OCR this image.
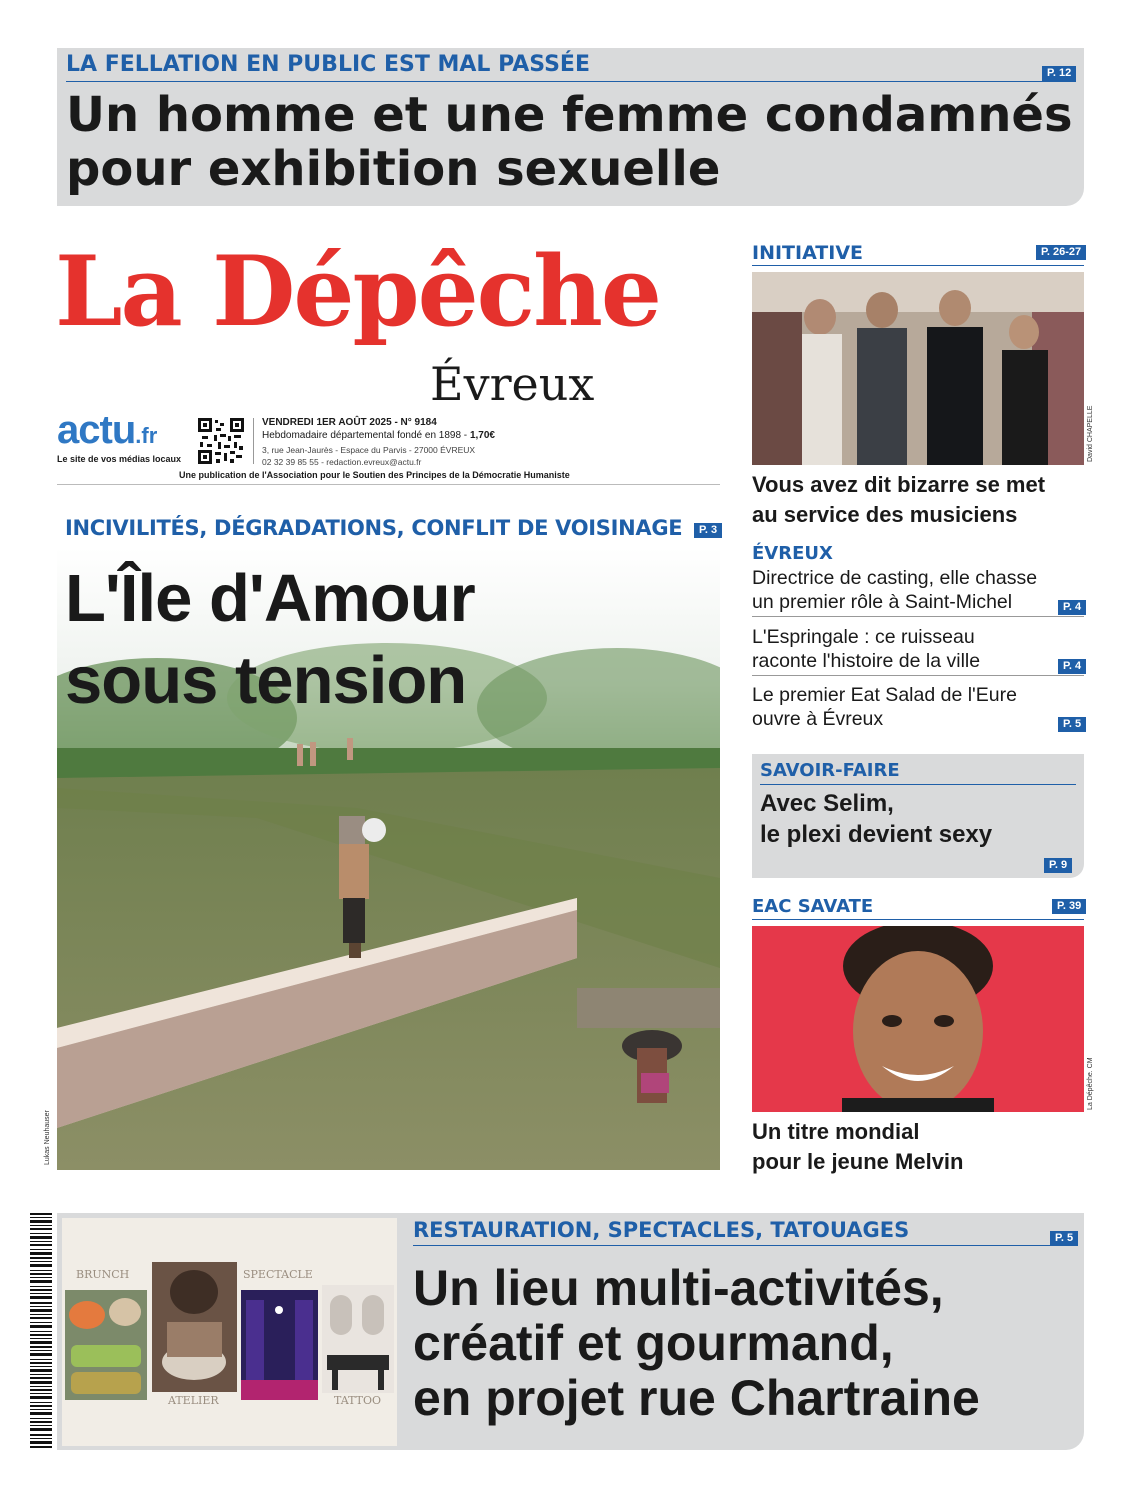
LA FELLATION EN PUBLIC EST MAL PASSÉE	P. 12
Un homme et une femme condamnés
pour exhibition sexuelle
La Dépêche
Évreux
actu.fr
Le site de vos médias locaux
VENDREDI 1ER AOÛT 2025 - N° 9184
Hebdomadaire départemental fondé en 1898 - 1,70€
3, rue Jean-Jaurès - Espace du Parvis - 27000 ÉVREUX
02 32 39 85 55 - redaction.evreux@actu.fr
Une publication de l'Association pour le Soutien des Principes de la Démocratie Humaniste
INCIVILITÉS, DÉGRADATIONS, CONFLIT DE VOISINAGE	P. 3
L'Île d'Amour
sous tension
Lukas Neuhauser
INITIATIVE	P. 26-27
David CHAPELLE
Vous avez dit bizarre se met
au service des musiciens
ÉVREUX
Directrice de casting, elle chasse
un premier rôle à Saint-Michel	P. 4
L'Espringale : ce ruisseau
raconte l'histoire de la ville	P. 4
Le premier Eat Salad de l'Eure
ouvre à Évreux	P. 5
SAVOIR-FAIRE
Avec Selim,
le plexi devient sexy
P. 9
EAC SAVATE	P. 39
La Dépêche. CM
Un titre mondial
pour le jeune Melvin
BRUNCH	SPECTACLE
ATELIER	TATTOO
RESTAURATION, SPECTACLES, TATOUAGES	P. 5
Un lieu multi-activités,
créatif et gourmand,
en projet rue Chartraine
